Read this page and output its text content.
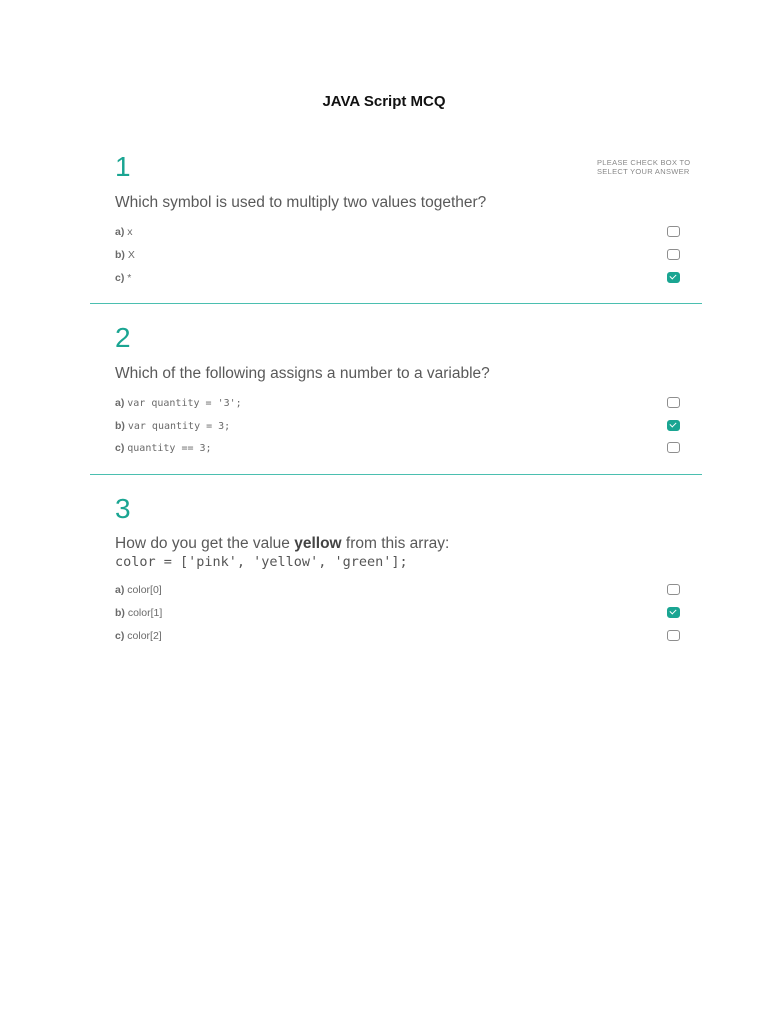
JAVA Script MCQ
PLEASE CHECK BOX TO
SELECT YOUR ANSWER
1
Which symbol is used to multiply two values together?
a) x
b) X
c) *
2
Which of the following assigns a number to a variable?
a) var quantity = '3';
b) var quantity = 3;
c) quantity == 3;
3
How do you get the value yellow from this array:
color = ['pink', 'yellow', 'green'];
a) color[0]
b) color[1]
c) color[2]
